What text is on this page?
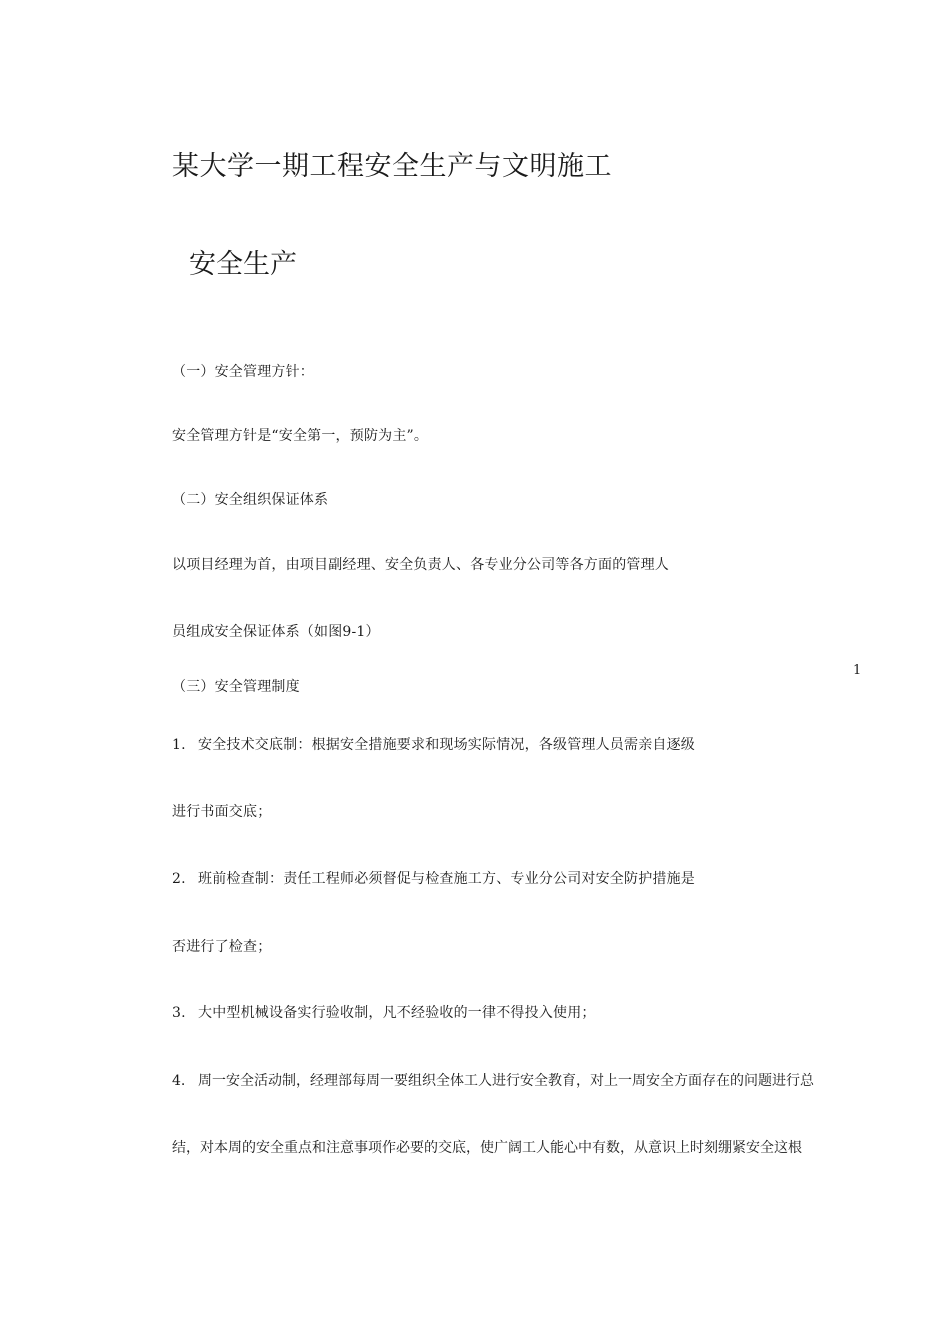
某大学一期工程安全生产与文明施工
安全生产
（一）安全管理方针：
安全管理方针是“安全第一，预防为主”。
（二）安全组织保证体系
以项目经理为首，由项目副经理、安全负责人、各专业分公司等各方面的管理人
员组成安全保证体系（如图9-1）
1
（三）安全管理制度
1. 安全技术交底制：根据安全措施要求和现场实际情况，各级管理人员需亲自逐级
进行书面交底；
2. 班前检查制：责任工程师必须督促与检查施工方、专业分公司对安全防护措施是
否进行了检查；
3. 大中型机械设备实行验收制，凡不经验收的一律不得投入使用；
4. 周一安全活动制，经理部每周一要组织全体工人进行安全教育，对上一周安全方面存在的问题进行总
结，对本周的安全重点和注意事项作必要的交底，使广阔工人能心中有数，从意识上时刻绷紧安全这根
